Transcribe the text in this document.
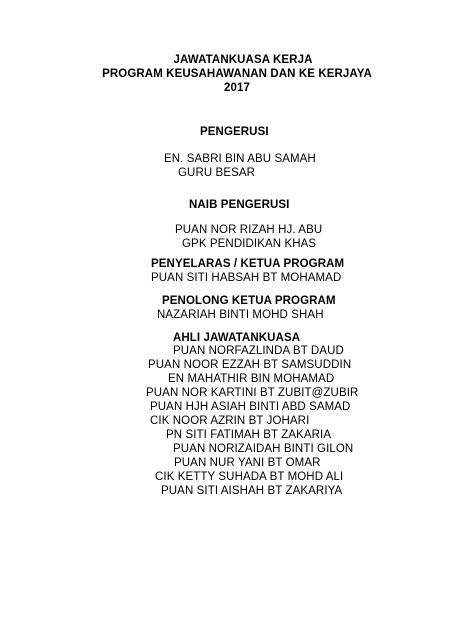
JAWATANKUASA KERJA
PROGRAM KEUSAHAWANAN DAN KE KERJAYA
2017
PENGERUSI
EN. SABRI BIN ABU SAMAH
GURU BESAR
NAIB PENGERUSI
PUAN NOR RIZAH HJ. ABU
GPK PENDIDIKAN KHAS
PENYELARAS / KETUA PROGRAM
PUAN SITI HABSAH BT MOHAMAD
PENOLONG KETUA PROGRAM
NAZARIAH BINTI MOHD SHAH
AHLI JAWATANKUASA
PUAN NORFAZLINDA BT DAUD
PUAN NOOR EZZAH BT SAMSUDDIN
EN MAHATHIR BIN MOHAMAD
PUAN NOR KARTINI BT ZUBIT@ZUBIR
PUAN HJH ASIAH BINTI ABD SAMAD
CIK NOOR AZRIN BT JOHARI
PN SITI FATIMAH BT ZAKARIA
PUAN NORIZAIDAH BINTI GILON
PUAN NUR YANI BT OMAR
CIK KETTY SUHADA BT MOHD ALI
PUAN SITI AISHAH BT ZAKARIYA
